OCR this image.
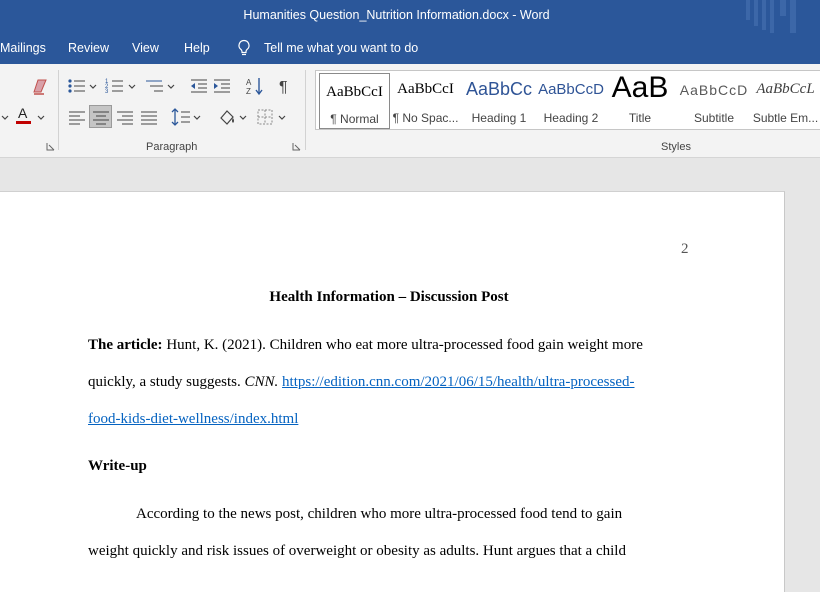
Humanities Question_Nutrition Information.docx - Word
Mailings Review View Help	Tell me what you want to do
A
1
2
3
A
Z ¶
Paragraph
AaBbCcI
¶ Normal
AaBbCcI
¶ No Spac...
AaBbCc
Heading 1
AaBbCcD
Heading 2
AaB
Title
AaBbCcD
Subtitle
AaBbCcL
Subtle Em...
Styles
2
Health Information – Discussion Post
The article: Hunt, K. (2021). Children who eat more ultra-processed food gain weight more
quickly, a study suggests. CNN. https://edition.cnn.com/2021/06/15/health/ultra-processed-
food-kids-diet-wellness/index.html
Write-up
According to the news post, children who more ultra-processed food tend to gain
weight quickly and risk issues of overweight or obesity as adults. Hunt argues that a child
